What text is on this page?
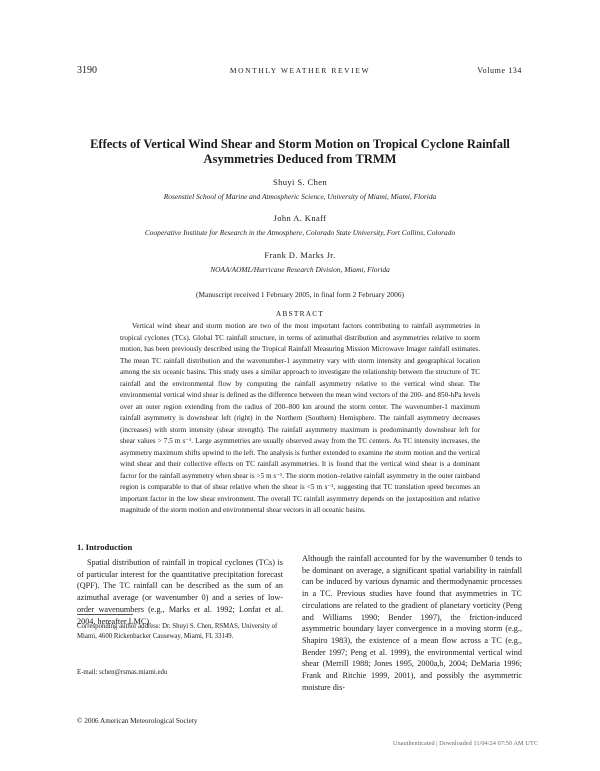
3190	MONTHLY WEATHER REVIEW	Volume 134
Effects of Vertical Wind Shear and Storm Motion on Tropical Cyclone Rainfall Asymmetries Deduced from TRMM
Shuyi S. Chen
Rosenstiel School of Marine and Atmospheric Science, University of Miami, Miami, Florida
John A. Knaff
Cooperative Institute for Research in the Atmosphere, Colorado State University, Fort Collins, Colorado
Frank D. Marks Jr.
NOAA/AOML/Hurricane Research Division, Miami, Florida
(Manuscript received 1 February 2005, in final form 2 February 2006)
ABSTRACT

Vertical wind shear and storm motion are two of the most important factors contributing to rainfall asymmetries in tropical cyclones (TCs). Global TC rainfall structure, in terms of azimuthal distribution and asymmetries relative to storm motion, has been previously described using the Tropical Rainfall Measuring Mission Microwave Imager rainfall estimates. The mean TC rainfall distribution and the wavenumber-1 asymmetry vary with storm intensity and geographical location among the six oceanic basins. This study uses a similar approach to investigate the relationship between the structure of TC rainfall and the environmental flow by computing the rainfall asymmetry relative to the vertical wind shear. The environmental vertical wind shear is defined as the difference between the mean wind vectors of the 200- and 850-hPa levels over an outer region extending from the radius of 200–800 km around the storm center. The wavenumber-1 maximum rainfall asymmetry is downshear left (right) in the Northern (Southern) Hemisphere. The rainfall asymmetry decreases (increases) with storm intensity (shear strength). The rainfall asymmetry maximum is predominantly downshear left for shear values > 7.5 m s⁻¹. Large asymmetries are usually observed away from the TC centers. As TC intensity increases, the asymmetry maximum shifts upwind to the left. The analysis is further extended to examine the storm motion and the vertical wind shear and their collective effects on TC rainfall asymmetries. It is found that the vertical wind shear is a dominant factor for the rainfall asymmetry when shear is >5 m s⁻¹. The storm motion–relative rainfall asymmetry in the outer rainband region is comparable to that of shear relative when the shear is <5 m s⁻¹, suggesting that TC translation speed becomes an important factor in the low shear environment. The overall TC rainfall asymmetry depends on the juxtaposition and relative magnitude of the storm motion and environmental shear vectors in all oceanic basins.

1. Introduction

Spatial distribution of rainfall in tropical cyclones (TCs) is of particular interest for the quantitative precipitation forecast (QPF). The TC rainfall can be described as the sum of an azimuthal average (or wavenumber 0) and a series of low-order wavenumbers (e.g., Marks et al. 1992; Lonfat et al. 2004, hereafter LMC).

Although the rainfall accounted for by the wavenumber 0 tends to be dominant on average, a significant spatial variability in rainfall can be induced by various dynamic and thermodynamic processes in a TC. Previous studies have found that asymmetries in TC circulations are related to the gradient of planetary vorticity (Peng and Williams 1990; Bender 1997), the friction-induced asymmetric boundary layer convergence in a moving storm (e.g., Shapiro 1983), the existence of a mean flow across a TC (e.g., Bender 1997; Peng et al. 1999), the environmental vertical wind shear (Merrill 1988; Jones 1995, 2000a,b, 2004; DeMaria 1996; Frank and Ritchie 1999, 2001), and possibly the asymmetric moisture dis-

Corresponding author address: Dr. Shuyi S. Chen, RSMAS, University of Miami, 4600 Rickenbacker Causeway, Miami, FL 33149.

E-mail: schen@rsmas.miami.edu
© 2006 American Meteorological Society
Unauthenticated | Downloaded 11/04/24 07:50 AM UTC
